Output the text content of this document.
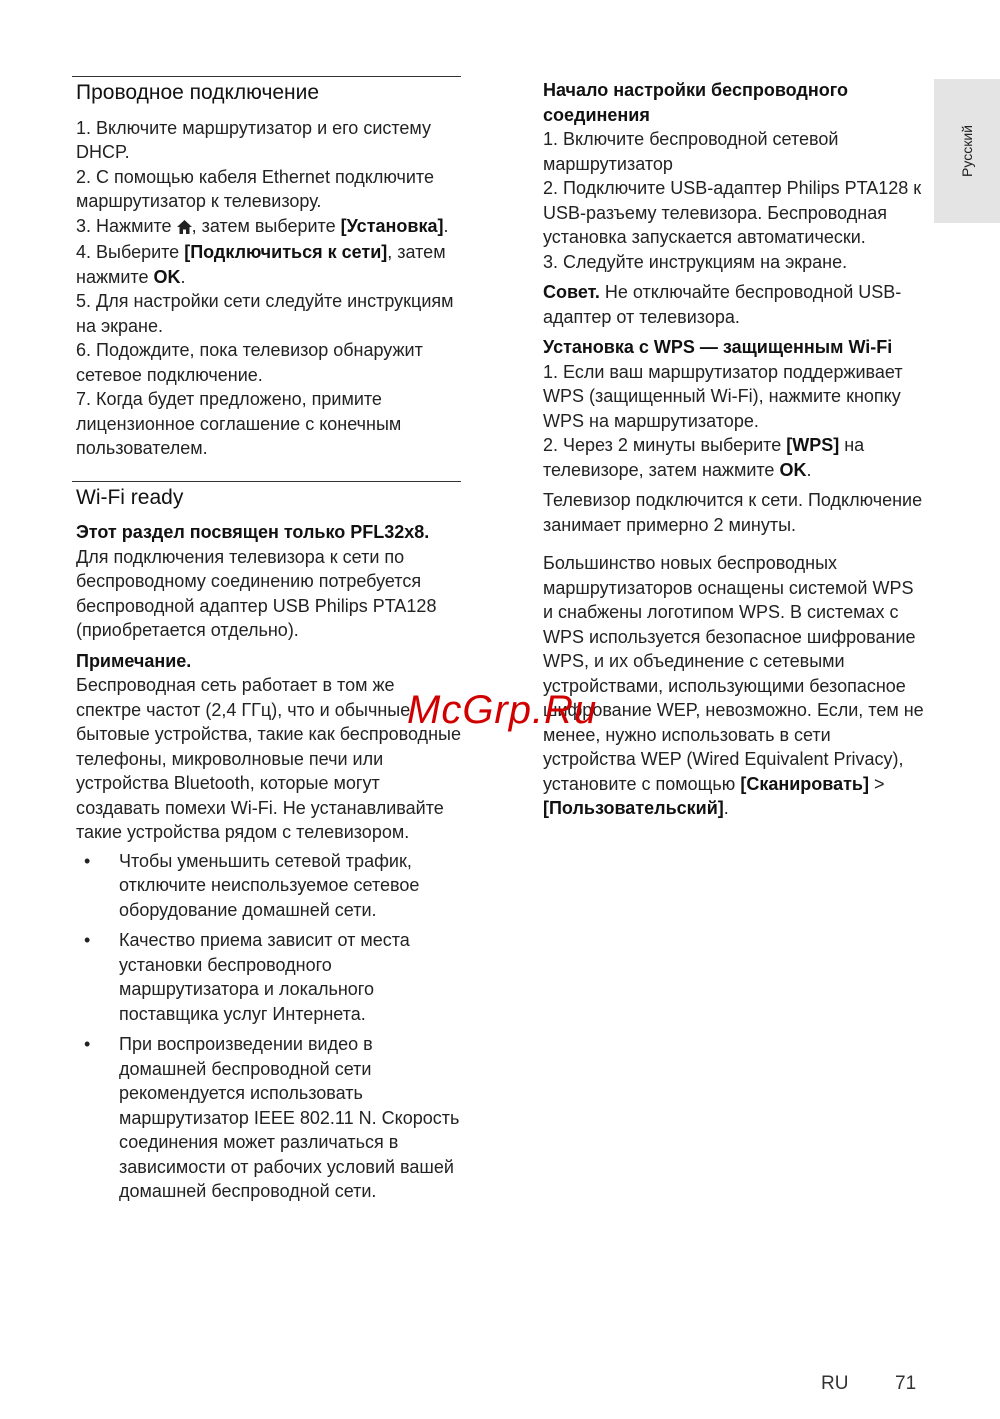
Русский
Проводное подключение

1. Включите маршрутизатор и его систему DHCP.

2. С помощью кабеля Ethernet подключите маршрутизатор к телевизору.

3. Нажмите , затем выберите [Установка].

4. Выберите [Подключиться к сети], затем нажмите OK.

5. Для настройки сети следуйте инструкциям на экране.

6. Подождите, пока телевизор обнаружит сетевое подключение.

7. Когда будет предложено, примите лицензионное соглашение с конечным пользователем.

Wi-Fi ready

Этот раздел посвящен только PFL32x8.

Для подключения телевизора к сети по беспроводному соединению потребуется беспроводной адаптер USB Philips PTA128 (приобретается отдельно).

Примечание.

Беспроводная сеть работает в том же спектре частот (2,4 ГГц), что и обычные бытовые устройства, такие как беспроводные телефоны, микроволновые печи или устройства Bluetooth, которые могут создавать помехи Wi-Fi. Не устанавливайте такие устройства рядом с телевизором.

• Чтобы уменьшить сетевой трафик, отключите неиспользуемое сетевое оборудование домашней сети.
• Качество приема зависит от места установки беспроводного маршрутизатора и локального поставщика услуг Интернета.
• При воспроизведении видео в домашней беспроводной сети рекомендуется использовать маршрутизатор IEEE 802.11 N. Скорость соединения может различаться в зависимости от рабочих условий вашей домашней беспроводной сети.

Начало настройки беспроводного соединения

1. Включите беспроводной сетевой маршрутизатор
2. Подключите USB-адаптер Philips PTA128 к USB-разъему телевизора. Беспроводная установка запускается автоматически.
3. Следуйте инструкциям на экране.

Совет. Не отключайте беспроводной USB-адаптер от телевизора.

Установка с WPS — защищенным Wi-Fi

1. Если ваш маршрутизатор поддерживает WPS (защищенный Wi-Fi), нажмите кнопку WPS на маршрутизаторе.

2. Через 2 минуты выберите [WPS] на телевизоре, затем нажмите OK.

Телевизор подключится к сети. Подключение занимает примерно 2 минуты.

Большинство новых беспроводных маршрутизаторов оснащены системой WPS и снабжены логотипом WPS. В системах с WPS используется безопасное шифрование WPS, и их объединение с сетевыми устройствами, использующими безопасное шифрование WEP, невозможно. Если, тем не менее, нужно использовать в сети устройства WEP (Wired Equivalent Privacy), установите с помощью [Сканировать] > [Пользовательский].

McGrp.Ru
RU 71
